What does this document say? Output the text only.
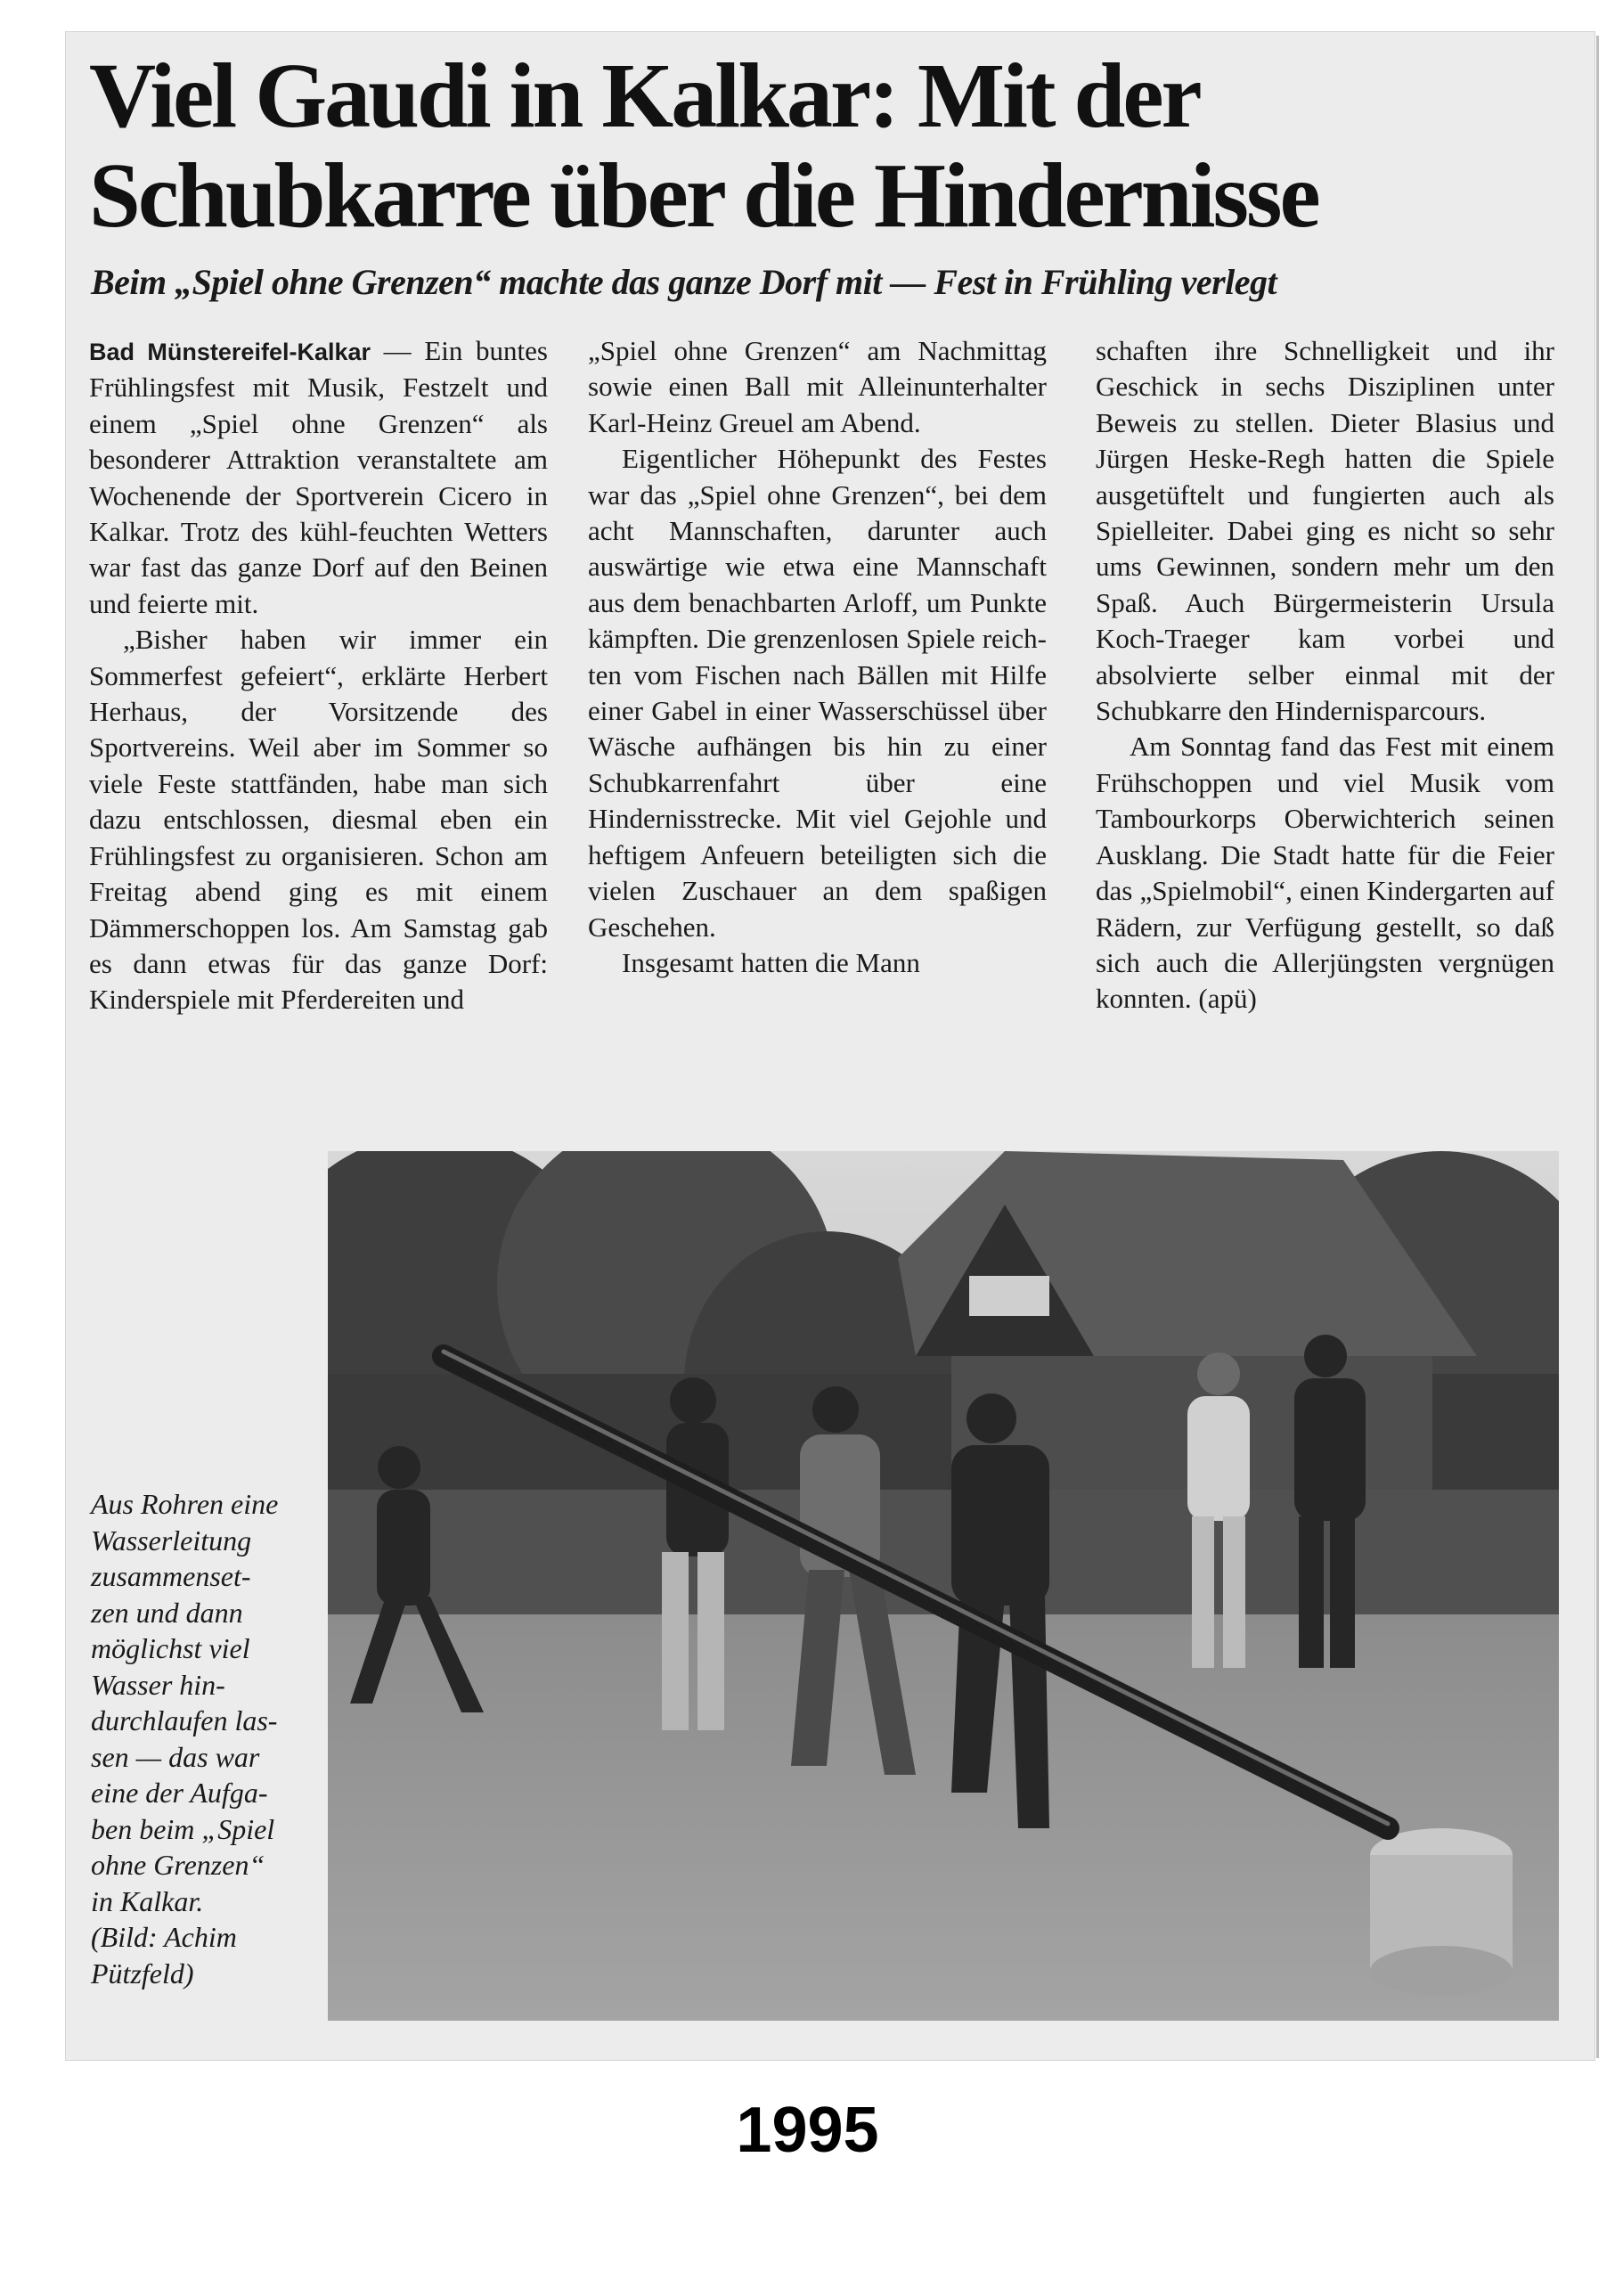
Viel Gaudi in Kalkar: Mit der
Schubkarre über die Hindernisse
Beim „Spiel ohne Grenzen“ machte das ganze Dorf mit — Fest in Frühling verlegt

Bad Münstereifel-Kalkar — Ein buntes Frühlingsfest mit Musik, Festzelt und einem „Spiel ohne Grenzen“ als besonderer Attraktion veranstaltete am Wochenende der Sportverein Cicero in Kalkar. Trotz des kühl-feuchten Wetters war fast das ganze Dorf auf den Beinen und feierte mit.

„Bisher haben wir immer ein Sommerfest gefeiert“, erklärte Herbert Herhaus, der Vorsitzende des Sportvereins. Weil aber im Sommer so viele Feste stattfänden, habe man sich dazu entschlossen, diesmal eben ein Frühlingsfest zu organisieren. Schon am Freitag abend ging es mit einem Dämmerschoppen los. Am Samstag gab es dann etwas für das ganze Dorf: Kinderspiele mit Pferdereiten und

„Spiel ohne Grenzen“ am Nachmittag sowie einen Ball mit Alleinunterhalter Karl-Heinz Greuel am Abend.

Eigentlicher Höhepunkt des Festes war das „Spiel ohne Grenzen“, bei dem acht Mannschaften, darunter auch auswärtige wie etwa eine Mannschaft aus dem benachbarten Arloff, um Punkte kämpften. Die grenzenlosen Spiele reichten vom Fischen nach Bällen mit Hilfe einer Gabel in einer Wasserschüssel über Wäsche aufhängen bis hin zu einer Schubkarrenfahrt über eine Hindernisstrecke. Mit viel Gejohle und heftigem Anfeuern beteiligten sich die vielen Zuschauer an dem spaßigen Geschehen.

Insgesamt hatten die Mann

schaften ihre Schnelligkeit und ihr Geschick in sechs Disziplinen unter Beweis zu stellen. Dieter Blasius und Jürgen Heske-Regh hatten die Spiele ausgetüftelt und fungierten auch als Spielleiter. Dabei ging es nicht so sehr ums Gewinnen, sondern mehr um den Spaß. Auch Bürgermeisterin Ursula Koch-Traeger kam vorbei und absolvierte selber einmal mit der Schubkarre den Hindernisparcours.

Am Sonntag fand das Fest mit einem Frühschoppen und viel Musik vom Tambourkorps Oberwichterich seinen Ausklang. Die Stadt hatte für die Feier das „Spielmobil“, einen Kindergarten auf Rädern, zur Verfügung gestellt, so daß sich auch die Allerjüngsten vergnügen konnten. (apü)

Aus Rohren eine

Wasserleitung

zusammenset-

zen und dann

möglichst viel

Wasser hin-

durchlaufen las-

sen — das war

eine der Aufga-

ben beim „Spiel

ohne Grenzen“

in Kalkar.

(Bild: Achim

Pützfeld)

1995
